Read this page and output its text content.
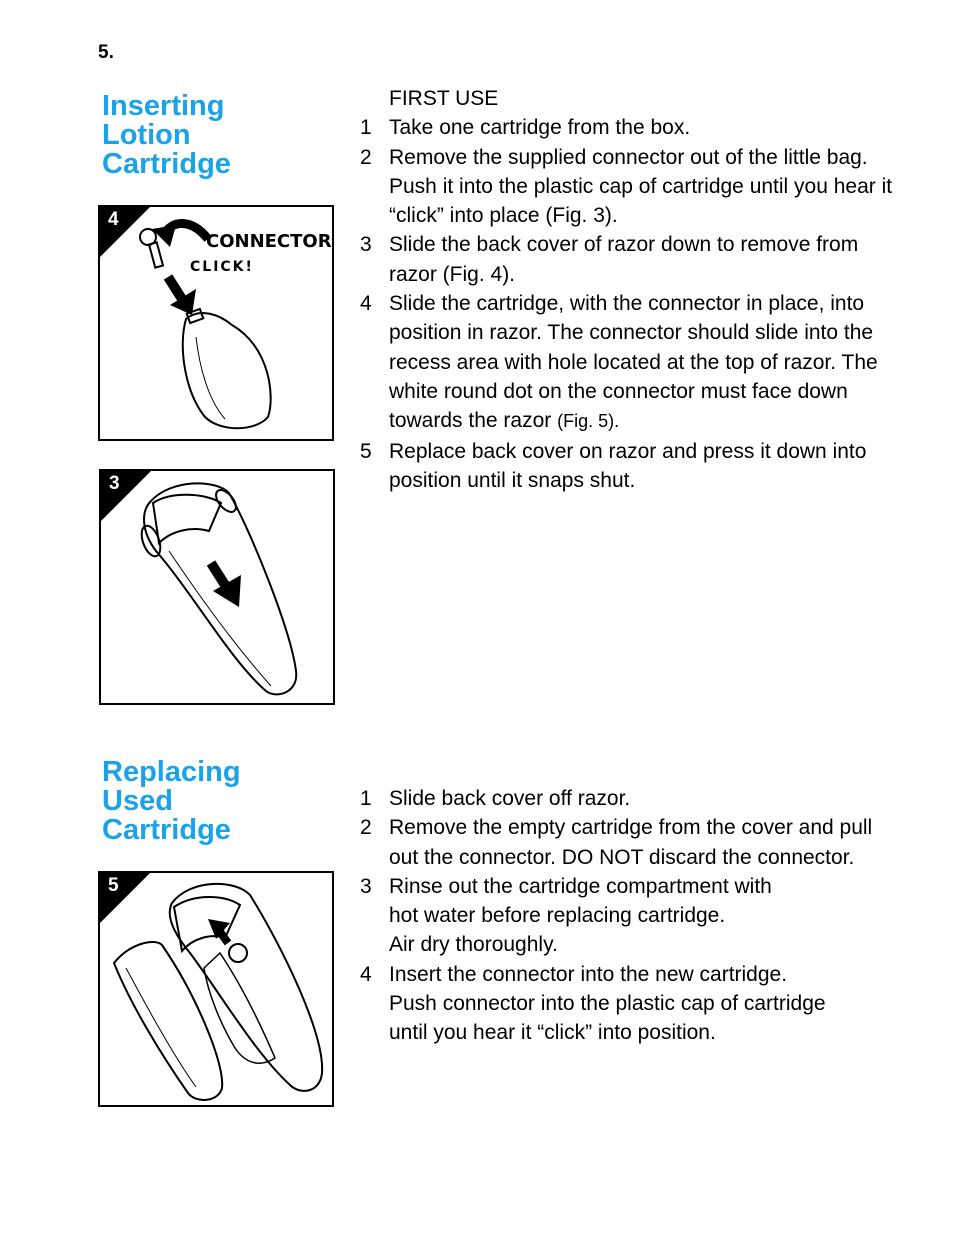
5.
Inserting
Lotion
Cartridge
4
CONNECTOR
CLICK!
3
FIRST USE
1 Take one cartridge from the box.
2 Remove the supplied connector out of the little bag. Push it into the plastic cap of cartridge until you hear it “click” into place (Fig. 3).
3 Slide the back cover of razor down to remove from razor (Fig. 4).
4 Slide the cartridge, with the connector in place, into position in razor. The connector should slide into the recess area with hole located at the top of razor. The white round dot on the connector must face down towards the razor (Fig. 5).
5 Replace back cover on razor and press it down into position until it snaps shut.
Replacing
Used
Cartridge
5
1 Slide back cover off razor.
2 Remove the empty cartridge from the cover and pull out the connector. DO NOT discard the connector.
3 Rinse out the cartridge compartment with
hot water before replacing cartridge.
Air dry thoroughly.
4 Insert the connector into the new cartridge.
Push connector into the plastic cap of cartridge
until you hear it “click” into position.
